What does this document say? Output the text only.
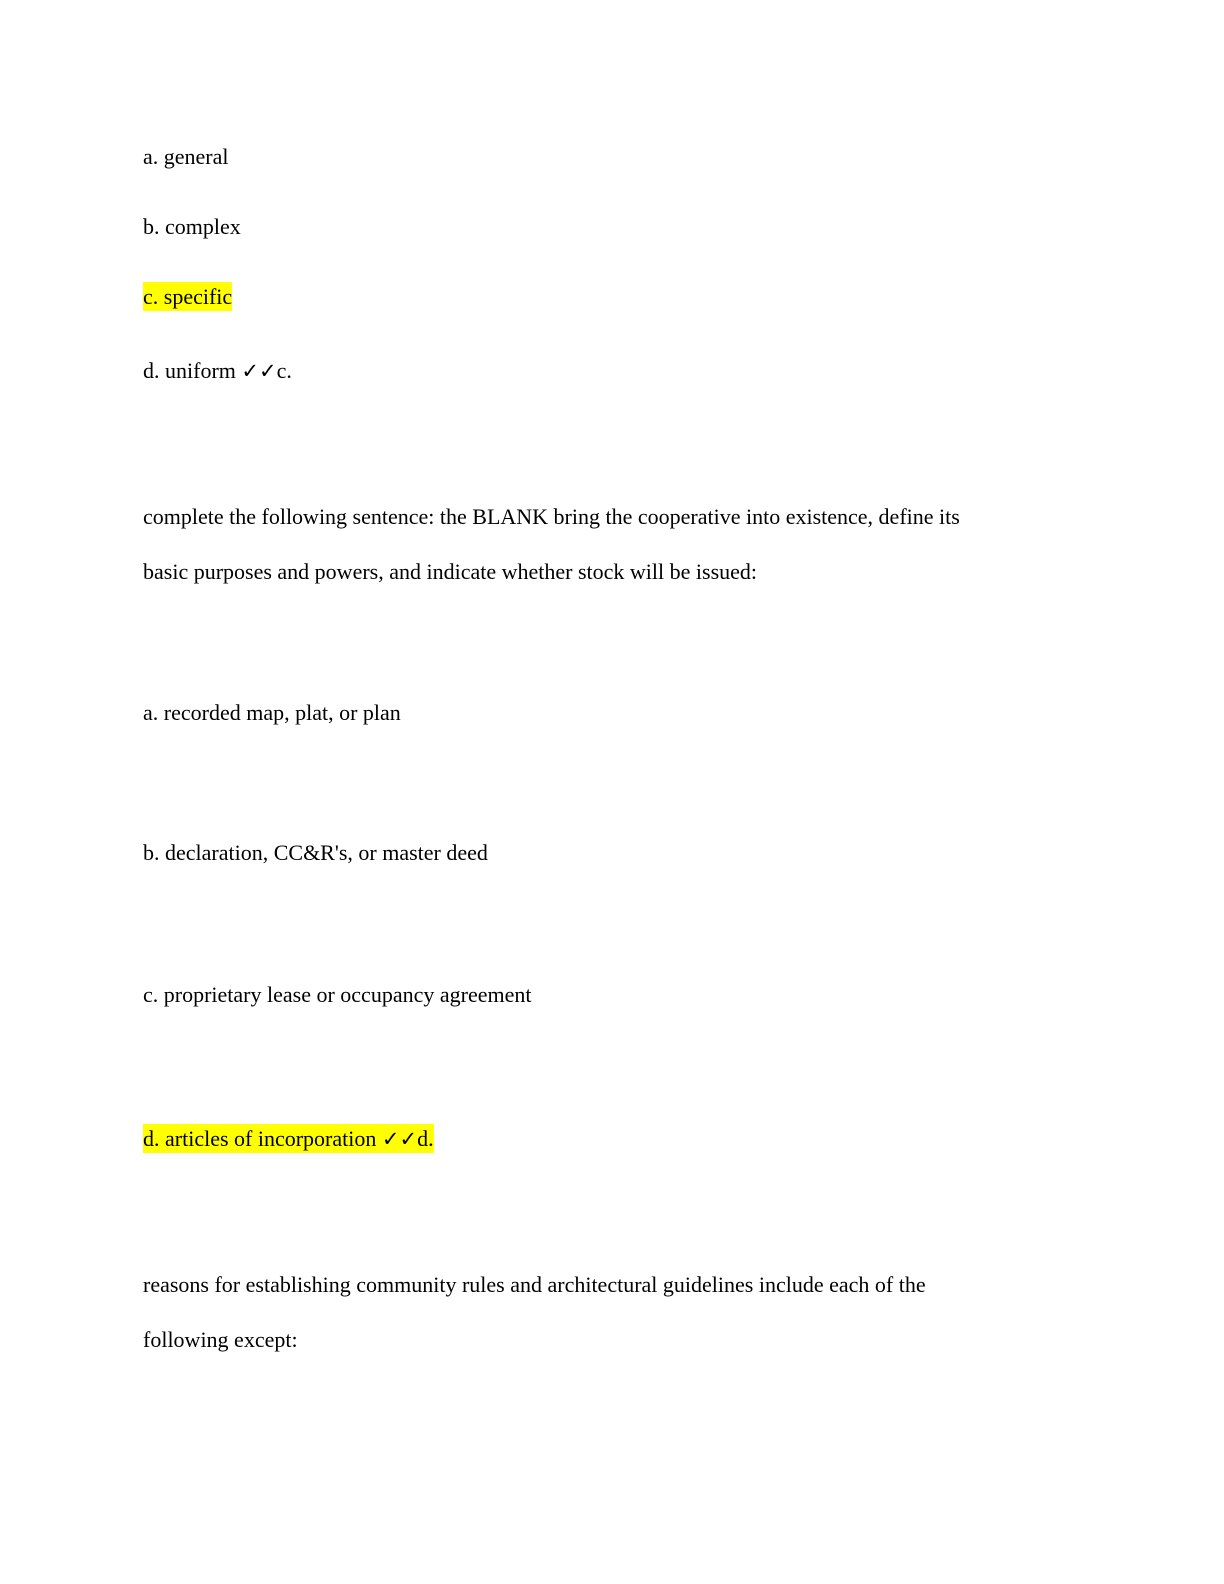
a. general
b. complex
c. specific
d. uniform ✓✓c.
complete the following sentence: the BLANK bring the cooperative into existence, define its
basic purposes and powers, and indicate whether stock will be issued:
a. recorded map, plat, or plan
b. declaration, CC&R's, or master deed
c. proprietary lease or occupancy agreement
d. articles of incorporation ✓✓d.
reasons for establishing community rules and architectural guidelines include each of the
following except:
